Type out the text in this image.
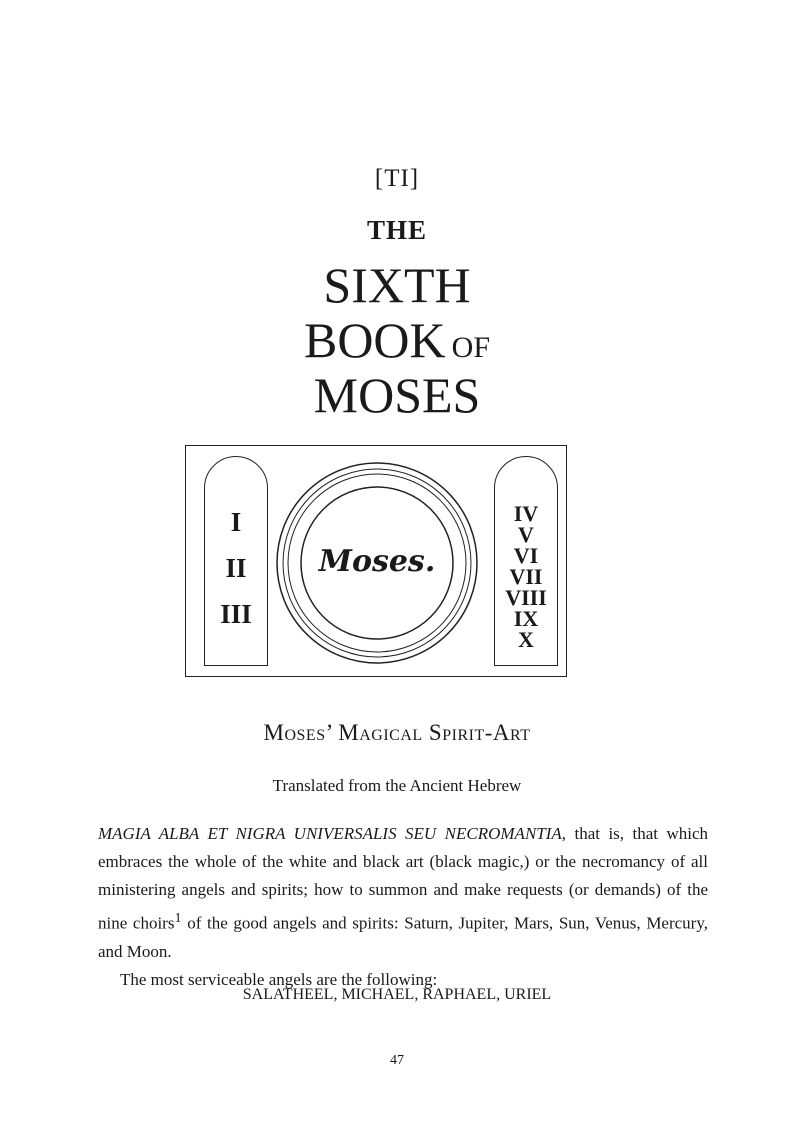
[TI]
THE
SIXTH
BOOK OF
MOSES
I
II
III
Moses.
IV
V
VI
VII
VIII
IX
X
Moses’ Magical Spirit-Art
Translated from the Ancient Hebrew

MAGIA ALBA ET NIGRA UNIVERSALIS SEU NECROMANTIA, that is, that which embraces the whole of the white and black art (black magic,) or the necromancy of all ministering angels and spirits; how to summon and make requests (or demands) of the nine choirs$^1$ of the good angels and spirits: Saturn, Jupiter, Mars, Sun, Venus, Mercury, and Moon.

The most serviceable angels are the following:

SALATHEEL, MICHAEL, RAPHAEL, URIEL
47
